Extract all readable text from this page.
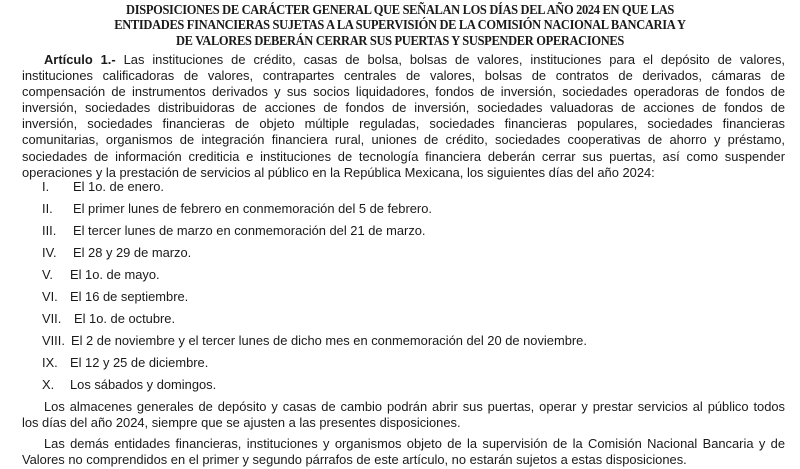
DISPOSICIONES DE CARÁCTER GENERAL QUE SEÑALAN LOS DÍAS DEL AÑO 2024 EN QUE LAS
ENTIDADES FINANCIERAS SUJETAS A LA SUPERVISIÓN DE LA COMISIÓN NACIONAL BANCARIA Y
DE VALORES DEBERÁN CERRAR SUS PUERTAS Y SUSPENDER OPERACIONES
Artículo 1.- Las instituciones de crédito, casas de bolsa, bolsas de valores, instituciones para el depósito de valores,
instituciones calificadoras de valores, contrapartes centrales de valores, bolsas de contratos de derivados, cámaras de
compensación de instrumentos derivados y sus socios liquidadores, fondos de inversión, sociedades operadoras de fondos de
inversión, sociedades distribuidoras de acciones de fondos de inversión, sociedades valuadoras de acciones de fondos de
inversión, sociedades financieras de objeto múltiple reguladas, sociedades financieras populares, sociedades financieras
comunitarias, organismos de integración financiera rural, uniones de crédito, sociedades cooperativas de ahorro y préstamo,
sociedades de información crediticia e instituciones de tecnología financiera deberán cerrar sus puertas, así como suspender
operaciones y la prestación de servicios al público en la República Mexicana, los siguientes días del año 2024:
I. El 1o. de enero.
II. El primer lunes de febrero en conmemoración del 5 de febrero.
III. El tercer lunes de marzo en conmemoración del 21 de marzo.
IV. El 28 y 29 de marzo.
V. El 1o. de mayo.
VI. El 16 de septiembre.
VII. El 1o. de octubre.
VIII. El 2 de noviembre y el tercer lunes de dicho mes en conmemoración del 20 de noviembre.
IX. El 12 y 25 de diciembre.
X. Los sábados y domingos.
Los almacenes generales de depósito y casas de cambio podrán abrir sus puertas, operar y prestar servicios al público todos
los días del año 2024, siempre que se ajusten a las presentes disposiciones.
Las demás entidades financieras, instituciones y organismos objeto de la supervisión de la Comisión Nacional Bancaria y de
Valores no comprendidos en el primer y segundo párrafos de este artículo, no estarán sujetos a estas disposiciones.
